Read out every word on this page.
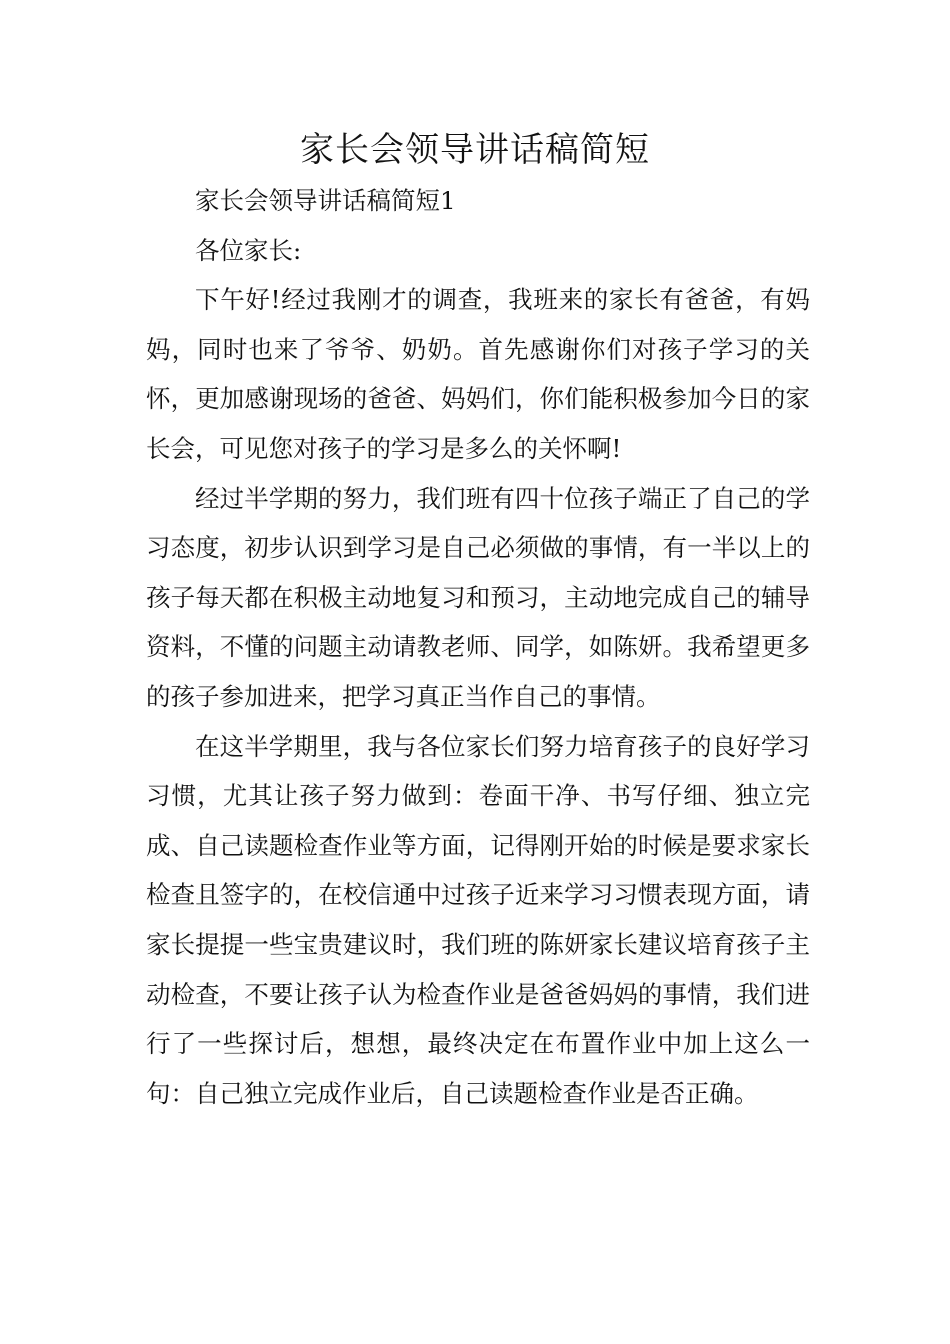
家长会领导讲话稿简短

家长会领导讲话稿简短1

各位家长:

下午好!经过我刚才的调查，我班来的家长有爸爸，有妈妈，同时也来了爷爷、奶奶。首先感谢你们对孩子学习的关怀，更加感谢现场的爸爸、妈妈们，你们能积极参加今日的家长会，可见您对孩子的学习是多么的关怀啊!

经过半学期的努力，我们班有四十位孩子端正了自己的学习态度，初步认识到学习是自己必须做的事情，有一半以上的孩子每天都在积极主动地复习和预习，主动地完成自己的辅导资料，不懂的问题主动请教老师、同学，如陈妍。我希望更多的孩子参加进来，把学习真正当作自己的事情。

在这半学期里，我与各位家长们努力培育孩子的良好学习习惯，尤其让孩子努力做到：卷面干净、书写仔细、独立完成、自己读题检查作业等方面，记得刚开始的时候是要求家长检查且签字的，在校信通中过孩子近来学习习惯表现方面，请家长提提一些宝贵建议时，我们班的陈妍家长建议培育孩子主动检查，不要让孩子认为检查作业是爸爸妈妈的事情，我们进行了一些探讨后，想想，最终决定在布置作业中加上这么一句：自己独立完成作业后，自己读题检查作业是否正确。
